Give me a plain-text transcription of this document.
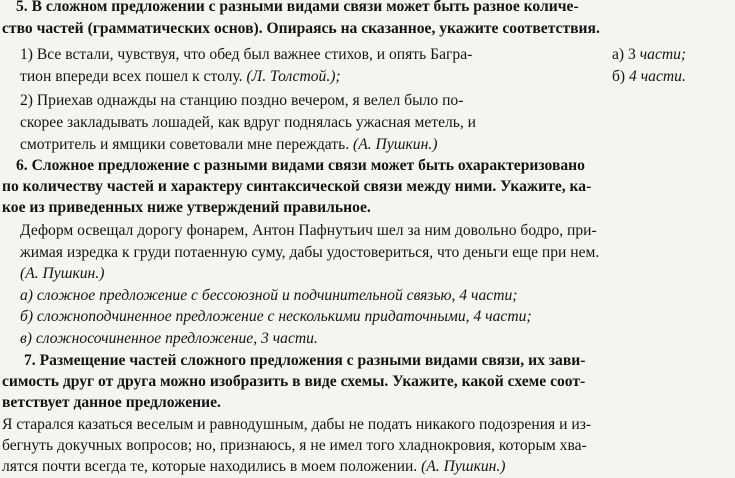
5. В сложном предложении с разными видами связи может быть разное количе-
ство частей (грамматических основ). Опираясь на сказанное, укажите соответствия.
1) Все встали, чувствуя, что обед был важнее стихов, и опять Багра-
тион впереди всех пошел к столу. (Л. Толстой.);
а) 3 части;
б) 4 части.
2) Приехав однажды на станцию поздно вечером, я велел было по-
скорее закладывать лошадей, как вдруг поднялась ужасная метель, и
смотритель и ямщики советовали мне переждать. (А. Пушкин.)
6. Сложное предложение с разными видами связи может быть охарактеризовано
по количеству частей и характеру синтаксической связи между ними. Укажите, ка-
кое из приведенных ниже утверждений правильное.
Деформ освещал дорогу фонарем, Антон Пафнутьич шел за ним довольно бодро, при-
жимая изредка к груди потаенную суму, дабы удостовериться, что деньги еще при нем.
(А. Пушкин.)
а) сложное предложение с бессоюзной и подчинительной связью, 4 части;
б) сложноподчиненное предложение с несколькими придаточными, 4 части;
в) сложносочиненное предложение, 3 части.
7. Размещение частей сложного предложения с разными видами связи, их зави-
симость друг от друга можно изобразить в виде схемы. Укажите, какой схеме соот-
ветствует данное предложение.
Я старался казаться веселым и равнодушным, дабы не подать никакого подозрения и из-
бегнуть докучных вопросов; но, признаюсь, я не имел того хладнокровия, которым хва-
лятся почти всегда те, которые находились в моем положении. (А. Пушкин.)
